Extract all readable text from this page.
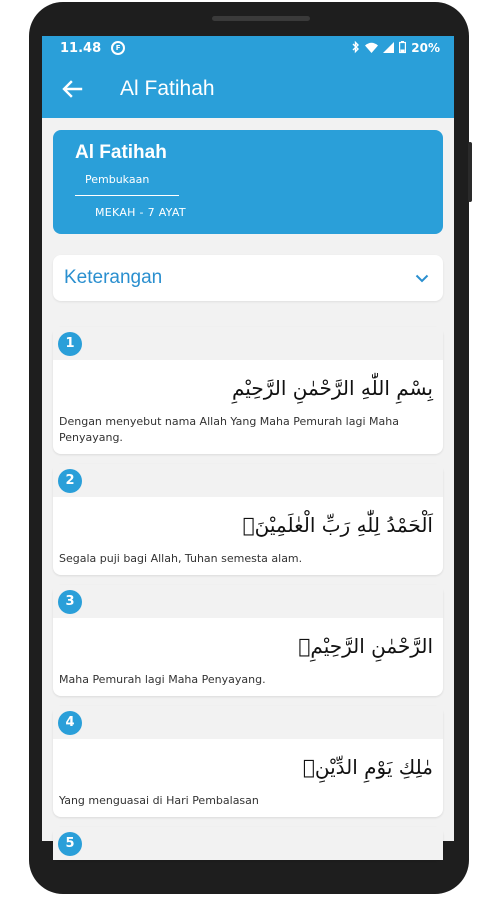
11.48	F	20%
Al Fatihah
Al Fatihah
Pembukaan
MEKAH - 7 AYAT
Keterangan
1
بِسْمِ اللّٰهِ الرَّحْمٰنِ الرَّحِيْمِ
Dengan menyebut nama Allah Yang Maha Pemurah lagi Maha Penyayang.
2
اَلْحَمْدُ لِلّٰهِ رَبِّ الْعٰلَمِيْنَۙ
Segala puji bagi Allah, Tuhan semesta alam.
3
الرَّحْمٰنِ الرَّحِيْمِۙ
Maha Pemurah lagi Maha Penyayang.
4
مٰلِكِ يَوْمِ الدِّيْنِۗ
Yang menguasai di Hari Pembalasan
5
